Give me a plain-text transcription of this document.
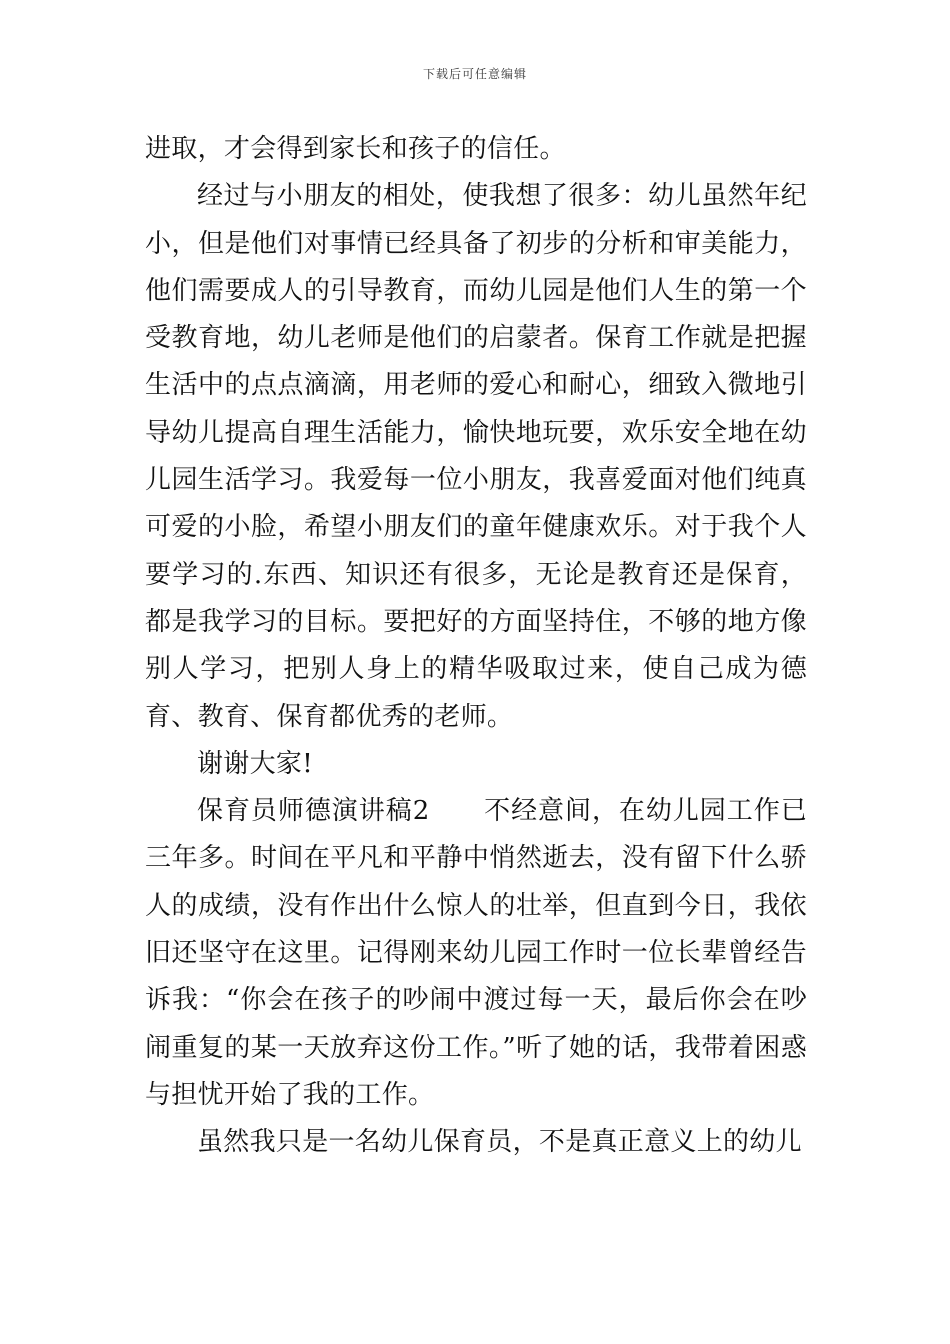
下载后可任意编辑

进取，才会得到家长和孩子的信任。

经过与小朋友的相处，使我想了很多：幼儿虽然年纪小，但是他们对事情已经具备了初步的分析和审美能力，他们需要成人的引导教育，而幼儿园是他们人生的第一个受教育地，幼儿老师是他们的启蒙者。保育工作就是把握生活中的点点滴滴，用老师的爱心和耐心，细致入微地引导幼儿提高自理生活能力，愉快地玩要，欢乐安全地在幼儿园生活学习。我爱每一位小朋友，我喜爱面对他们纯真可爱的小脸，希望小朋友们的童年健康欢乐。对于我个人要学习的.东西、知识还有很多，无论是教育还是保育，都是我学习的目标。要把好的方面坚持住，不够的地方像别人学习，把别人身上的精华吸取过来，使自己成为德育、教育、保育都优秀的老师。

谢谢大家!

保育员师德演讲稿2　　不经意间，在幼儿园工作已三年多。时间在平凡和平静中悄然逝去，没有留下什么骄人的成绩，没有作出什么惊人的壮举，但直到今日，我依旧还坚守在这里。记得刚来幼儿园工作时一位长辈曾经告诉我：“你会在孩子的吵闹中渡过每一天，最后你会在吵闹重复的某一天放弃这份工作。”听了她的话，我带着困惑与担忧开始了我的工作。

虽然我只是一名幼儿保育员，不是真正意义上的幼儿
